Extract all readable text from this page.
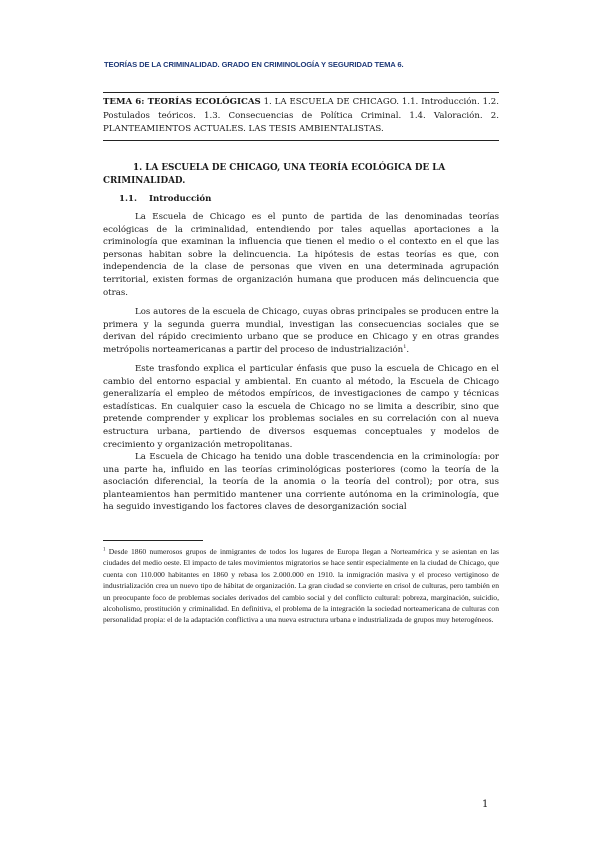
TEORÍAS DE LA CRIMINALIDAD. GRADO EN CRIMINOLOGÍA Y SEGURIDAD TEMA 6.
TEMA 6: TEORÍAS ECOLÓGICAS 1. LA ESCUELA DE CHICAGO. 1.1. Introducción. 1.2. Postulados teóricos. 1.3. Consecuencias de Política Criminal. 1.4. Valoración. 2. PLANTEAMIENTOS ACTUALES. LAS TESIS AMBIENTALISTAS.
1. LA ESCUELA DE CHICAGO, UNA TEORÍA ECOLÓGICA DE LA CRIMINALIDAD.
1.1. Introducción

La Escuela de Chicago es el punto de partida de las denominadas teorías ecológicas de la criminalidad, entendiendo por tales aquellas aportaciones a la criminología que examinan la influencia que tienen el medio o el contexto en el que las personas habitan sobre la delincuencia. La hipótesis de estas teorías es que, con independencia de la clase de personas que viven en una determinada agrupación territorial, existen formas de organización humana que producen más delincuencia que otras.

Los autores de la escuela de Chicago, cuyas obras principales se producen entre la primera y la segunda guerra mundial, investigan las consecuencias sociales que se derivan del rápido crecimiento urbano que se produce en Chicago y en otras grandes metrópolis norteamericanas a partir del proceso de industrialización$^1$.

Este trasfondo explica el particular énfasis que puso la escuela de Chicago en el cambio del entorno espacial y ambiental. En cuanto al método, la Escuela de Chicago generalizaría el empleo de métodos empíricos, de investigaciones de campo y técnicas estadísticas. En cualquier caso la escuela de Chicago no se limita a describir, sino que pretende comprender y explicar los problemas sociales en su correlación con al nueva estructura urbana, partiendo de diversos esquemas conceptuales y modelos de crecimiento y organización metropolitanas.

La Escuela de Chicago ha tenido una doble trascendencia en la criminología: por una parte ha, influido en las teorías criminológicas posteriores (como la teoría de la asociación diferencial, la teoría de la anomia o la teoría del control); por otra, sus planteamientos han permitido mantener una corriente autónoma en la criminología, que ha seguido investigando los factores claves de desorganización social

$^1$ Desde 1860 numerosos grupos de inmigrantes de todos los lugares de Europa llegan a Norteamérica y se asientan en las ciudades del medio oeste. El impacto de tales movimientos migratorios se hace sentir especialmente en la ciudad de Chicago, que cuenta con 110.000 habitantes en 1860 y rebasa los 2.000.000 en 1910. la inmigración masiva y el proceso vertiginoso de industrialización crea un nuevo tipo de hábitat de organización. La gran ciudad se convierte en crisol de culturas, pero también en un preocupante foco de problemas sociales derivados del cambio social y del conflicto cultural: pobreza, marginación, suicidio, alcoholismo, prostitución y criminalidad. En definitiva, el problema de la integración la sociedad norteamericana de culturas con personalidad propia: el de la adaptación conflictiva a una nueva estructura urbana e industrializada de grupos muy heterogéneos.
1
